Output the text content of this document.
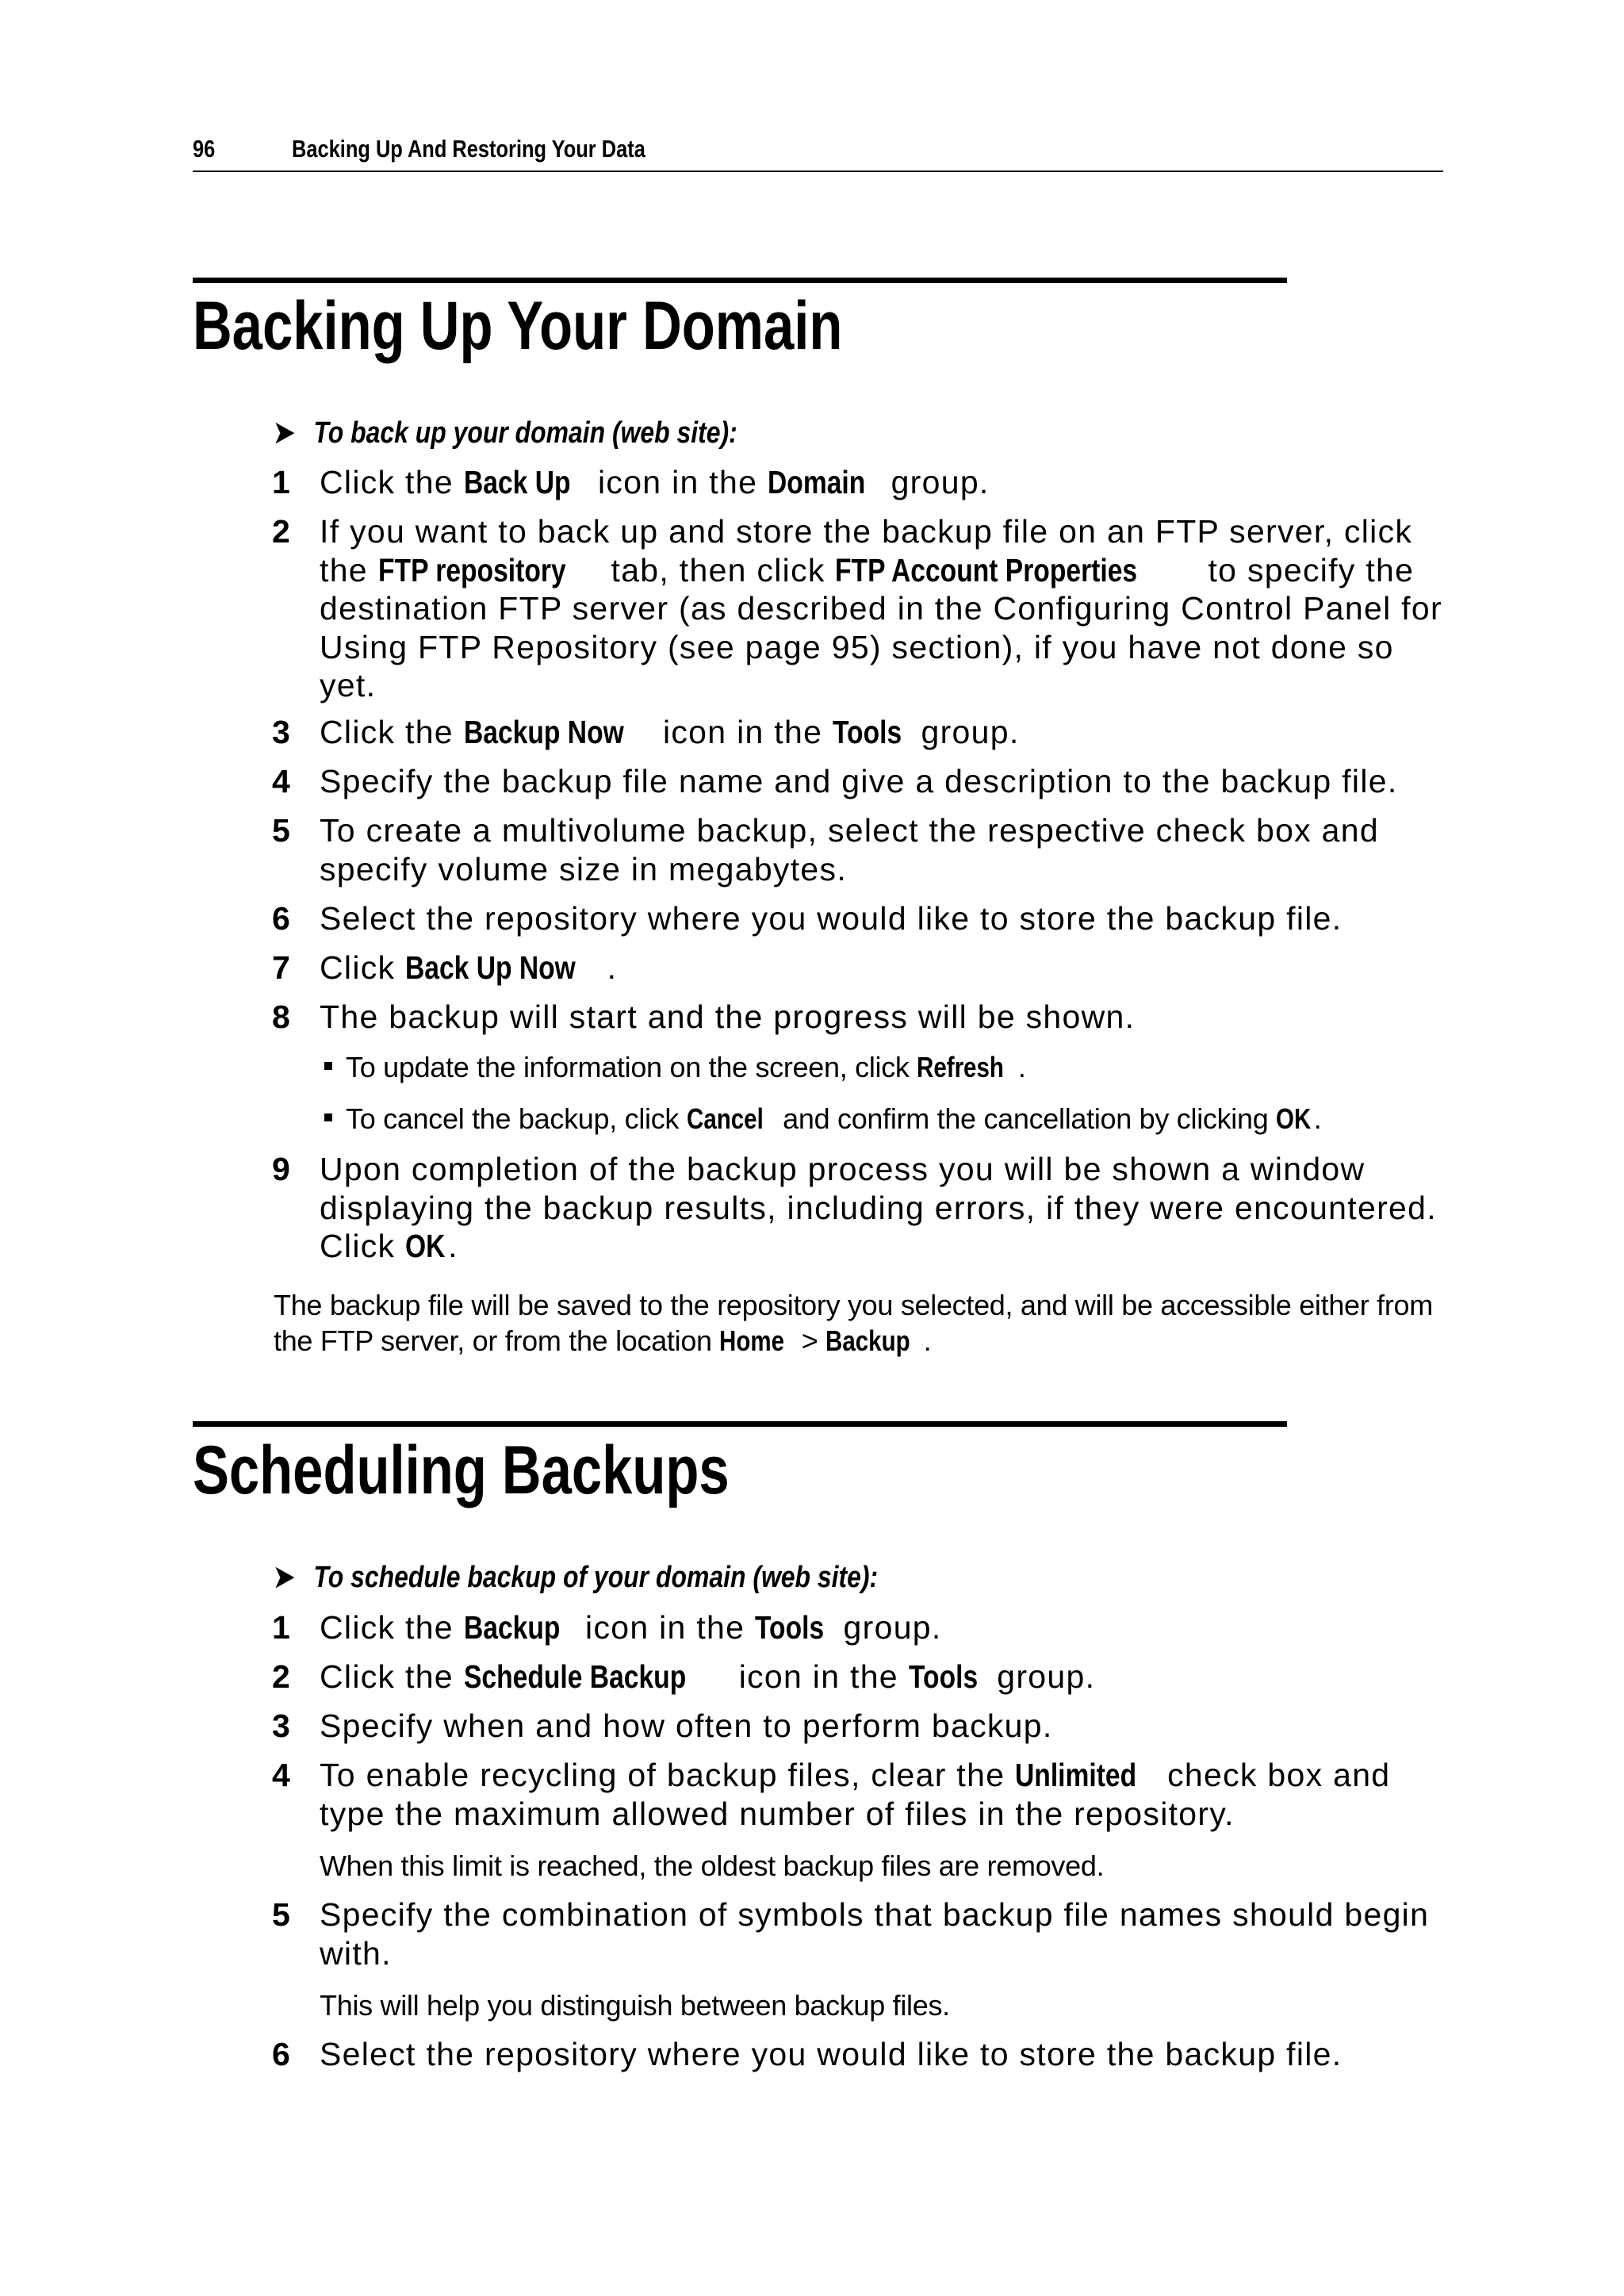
96	Backing Up And Restoring Your Data
Backing Up Your Domain
➤ To back up your domain (web site):
1 Click the Back Up icon in the Domain group.
2 If you want to back up and store the backup file on an FTP server, click the FTP repository tab, then click FTP Account Properties to specify the destination FTP server (as described in the Configuring Control Panel for Using FTP Repository (see page 95) section), if you have not done so yet.
3 Click the Backup Now icon in the Tools group.
4 Specify the backup file name and give a description to the backup file.
5 To create a multivolume backup, select the respective check box and specify volume size in megabytes.
6 Select the repository where you would like to store the backup file.
7 Click Back Up Now .
8 The backup will start and the progress will be shown.
To update the information on the screen, click Refresh .
To cancel the backup, click Cancel and confirm the cancellation by clicking OK.
9 Upon completion of the backup process you will be shown a window displaying the backup results, including errors, if they were encountered. Click OK.
The backup file will be saved to the repository you selected, and will be accessible either from the FTP server, or from the location Home > Backup .
Scheduling Backups
➤ To schedule backup of your domain (web site):
1 Click the Backup icon in the Tools group.
2 Click the Schedule Backup icon in the Tools group.
3 Specify when and how often to perform backup.
4 To enable recycling of backup files, clear the Unlimited check box and type the maximum allowed number of files in the repository.
When this limit is reached, the oldest backup files are removed.
5 Specify the combination of symbols that backup file names should begin with.
This will help you distinguish between backup files.
6 Select the repository where you would like to store the backup file.
